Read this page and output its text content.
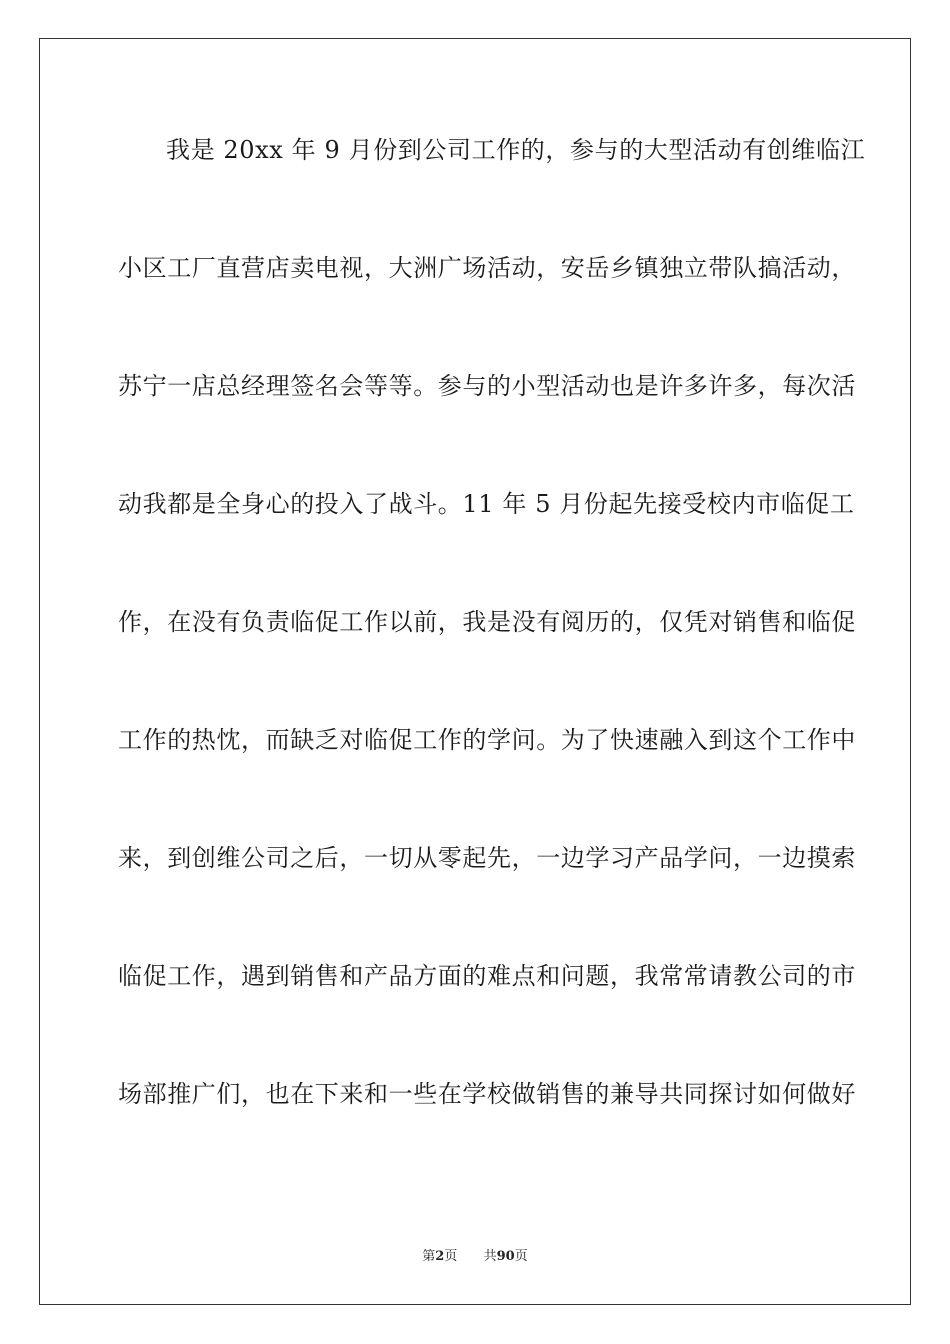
我是 20xx 年 9 月份到公司工作的，参与的大型活动有创维临江
小区工厂直营店卖电视，大洲广场活动，安岳乡镇独立带队搞活动，
苏宁一店总经理签名会等等。参与的小型活动也是许多许多，每次活
动我都是全身心的投入了战斗。11 年 5 月份起先接受校内市临促工
作，在没有负责临促工作以前，我是没有阅历的，仅凭对销售和临促
工作的热忱，而缺乏对临促工作的学问。为了快速融入到这个工作中
来，到创维公司之后，一切从零起先，一边学习产品学问，一边摸索
临促工作，遇到销售和产品方面的难点和问题，我常常请教公司的市
场部推广们，也在下来和一些在学校做销售的兼导共同探讨如何做好
第2页 共90页
